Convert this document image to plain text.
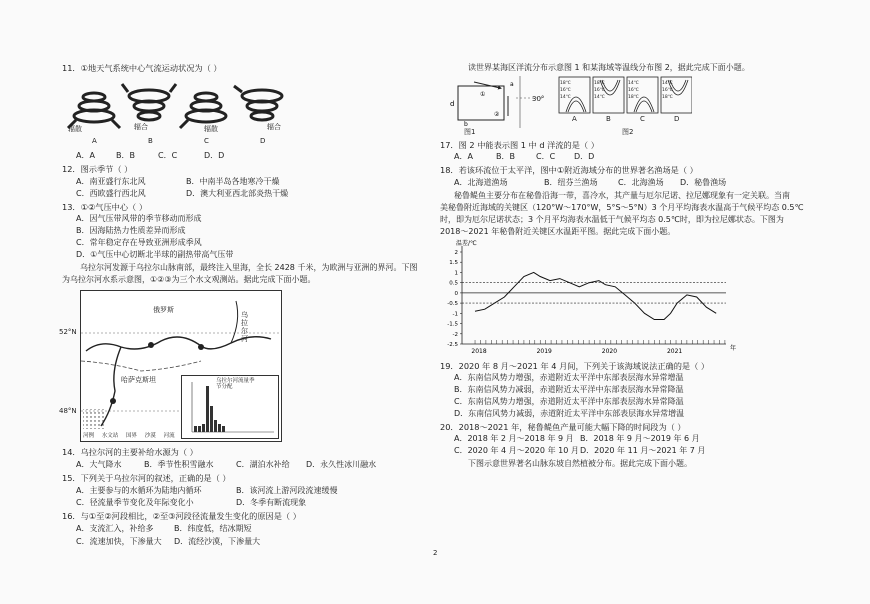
11．①地天气系统中心气流运动状况为（ ）
辐散	辐合	辐散	辐合
A	B	C	D
A．A	B．B	C．C	D．D
12．图示季节（ ）
A．南亚盛行东北风	B．中南半岛各地寒冷干燥
C．西欧盛行西北风	D．澳大利亚西北部炎热干燥
13．①②气压中心（ ）
A．因气压带风带的季节移动而形成
B．因海陆热力性质差异而形成
C．常年稳定存在导致亚洲形成季风
D．①气压中心切断北半球的副热带高气压带
乌拉尔河发源于乌拉尔山脉南部，最终注入里海，全长 2428 千米，为欧洲与亚洲的界河。下图
为乌拉尔河水系示意图，①②③为三个水文观测站。据此完成下面小题。
52°N
48°N
俄罗斯
乌拉尔河
哈萨克斯坦	乌拉尔河流量季节分配
河例 水文站 国界 沙漠 河流
14．乌拉尔河的主要补给水源为（ ）
A．大气降水	B．季节性积雪融水	C．湖泊水补给 D．永久性冰川融水
15．下列关于乌拉尔河的叙述，正确的是（ ）
A．主要参与的水循环为陆地内循环	B．该河流上游河段流速缓慢
C．径流量季节变化及年际变化小	D．冬季有断流现象
16．与①至②河段相比，②至③河段径流量发生变化的原因是（ ）
A．支流汇入，补给多	B．纬度低，结冰期短
C．流速加快，下渗量大 D．流经沙漠，下渗量大
读世界某海区洋流分布示意图 1 和某海域等温线分布图 2，据此完成下面小题。
d
①
②
b
a
30°
图1
18℃
16℃
14℃
18℃
16℃
14℃
14℃
16℃
18℃
14℃
16℃
18℃
A	B	C	D
图2
17．图 2 中能表示图 1 中 d 洋流的是（ ）
A．A	B．B	C．C D．D
18．若该环流位于太平洋，图中①附近海域分布的世界著名渔场是（ ）
A．北海道渔场	B．纽芬兰渔场	C．北海渔场 D．秘鲁渔场
秘鲁鳀鱼主要分布在秘鲁沿海一带，喜冷水，其产量与厄尔尼诺、拉尼娜现象有一定关联。当南
美秘鲁附近海域的关键区（120°W～170°W，5°S～5°N）3 个月平均海表水温高于气候平均态 0.5℃
时，即为厄尔尼诺状态；3 个月平均海表水温低于气候平均态 0.5℃时，即为拉尼娜状态。下图为
2018～2021 年秘鲁附近关键区水温距平图。据此完成下面小题。
温差/℃
2
1.5
1
0.5
0
-0.5
-1
-1.5
-2
-2.5
2018	2019	2020	2021	年
19．2020 年 8 月～2021 年 4 月间，下列关于该海域说法正确的是（ ）
A．东南信风势力增强，赤道附近太平洋中东部表层海水异常增温
B．东南信风势力减弱，赤道附近太平洋中东部表层海水异常降温
C．东南信风势力增强，赤道附近太平洋中东部表层海水异常降温
D．东南信风势力减弱，赤道附近太平洋中东部表层海水异常增温
20．2018～2021 年，秘鲁鳀鱼产量可能大幅下降的时间段为（ ）
A．2018 年 2 月～2018 年 9 月 B．2018 年 9 月～2019 年 6 月
C．2020 年 4 月～2020 年 10 月 D．2020 年 11 月～2021 年 7 月
下图示意世界著名山脉东坡自然植被分布。据此完成下面小题。
2
